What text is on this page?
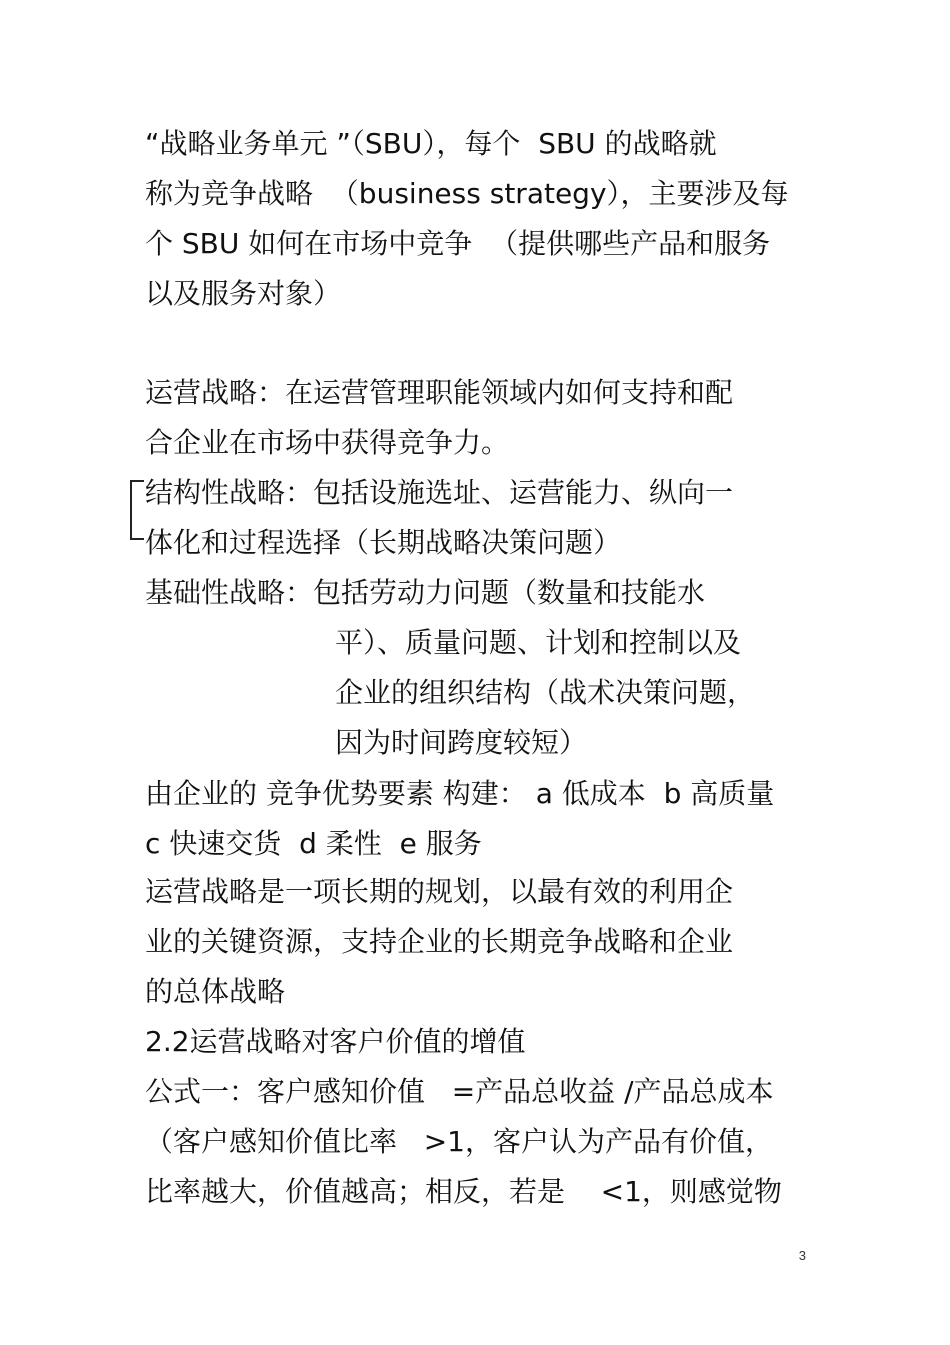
“战略业务单元 ”（SBU），每个  SBU 的战略就
称为竞争战略  （business strategy），主要涉及每
个 SBU 如何在市场中竞争  （提供哪些产品和服务
以及服务对象）
运营战略：在运营管理职能领域内如何支持和配
合企业在市场中获得竞争力。
结构性战略：包括设施选址、运营能力、纵向一
体化和过程选择（长期战略决策问题）
基础性战略：包括劳动力问题（数量和技能水
平）、质量问题、计划和控制以及
企业的组织结构（战术决策问题，
因为时间跨度较短）
由企业的 竞争优势要素 构建： a 低成本  b 高质量
c 快速交货  d 柔性  e 服务
运营战略是一项长期的规划，以最有效的利用企
业的关键资源，支持企业的长期竞争战略和企业
的总体战略
2.2运营战略对客户价值的增值
公式一：客户感知价值   =产品总收益 /产品总成本
（客户感知价值比率   >1，客户认为产品有价值，
比率越大，价值越高；相反，若是    <1，则感觉物
3
